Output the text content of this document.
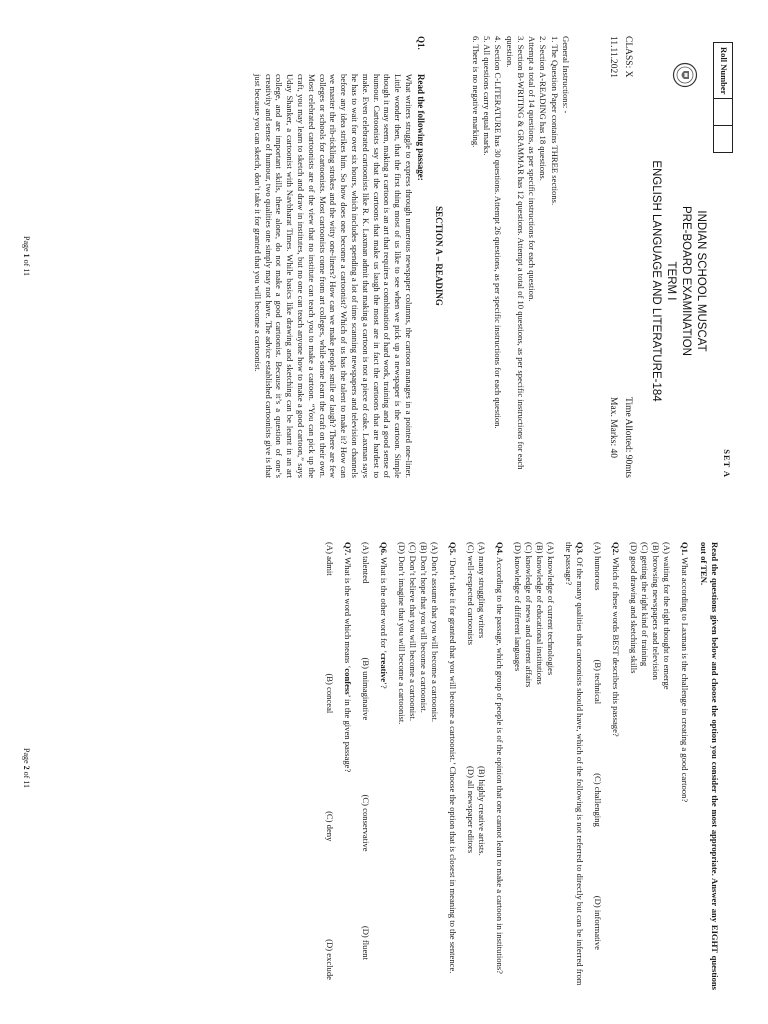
Roll Number
SET A
INDIAN SCHOOL MUSCAT
PRE-BOARD EXAMINATION
TERM I
ENGLISH LANGUAGE AND LITERATURE-184
CLASS: X
11.11.2021
Time Allotted: 90mts
Max. Marks: 40
General Instructions: -
1. The Question Paper contains THREE sections.
2. Section A-READING has 18 questions.
Attempt a total of 14 questions, as per specific instructions for each question.
3. Section B-WRITING & GRAMMAR has 12 questions. Attempt a total of 10 questions, as per specific instructions for each question.
4. Section C-LITERATURE has 30 questions. Attempt 26 questions, as per specific instructions for each question.
5. All questions carry equal marks.
6. There is no negative marking.
SECTION A – READING
Q1.
Read the following passage:
What writers struggle to express through numerous newspaper columns, the cartoon manages in a pointed one-liner. Little wonder then, that the first thing most of us like to see when we pick up a newspaper is the cartoon. Simple though it may seem, making a cartoon is an art that requires a combination of hard work, training and a good sense of humour. Cartoonists say that the cartoons that make us laugh the most are in fact the cartoons that are hardest to make. Even celebrated cartoonists like R. K. Laxman admit that making a cartoon is not a piece of cake. Laxman says he has to wait for over six hours, which includes spending a lot of time scanning newspapers and television channels before any idea strikes him. So how does one become a cartoonist? Which of us has the talent to make it? How can we master the rib-tickling strokes and the witty one-liners? How can we make people smile or laugh? There are few colleges or schools for cartoonists. Most cartoonists come from art colleges, while some learn the craft on their own. Most celebrated cartoonists are of the view that no institute can teach you to make a cartoon. “You can pick up the craft, you may learn to sketch and draw in institutes, but no one can teach anyone how to make a good cartoon,” says Uday Shanker, a cartoonist with Navbharat Times. While basics like drawing and sketching can be learnt in an art college, and are important skills, these alone, do not make a good cartoonist. Because it’s a question of one’s creativity and sense of humour, two qualities one simply may not have. The advice established cartoonists give is that just because you can sketch, don’t take it for granted that you will become a cartoonist.
Page 1 of 11
Read the questions given below and choose the option you consider the most appropriate. Answer any EIGHT questions out of TEN.
Q1. What according to Laxman is the challenge in creating a good cartoon?
(A) waiting for the right thought to emerge
(B) browsing newspapers and television
(C) getting the right kind of training
(D) good drawing and sketching skills
Q2. Which of these words BEST describes this passage?
(A) humorous
(B) technical
(C) challenging
(D) informative
Q3. Of the many qualities that cartoonists should have, which of the following is not referred to directly but can be inferred from the passage?
(A) knowledge of current technologies
(B) knowledge of educational institutions
(C) knowledge of news and current affairs
(D) knowledge of different languages
Q4. According to the passage, which group of people is of the opinion that one cannot learn to make a cartoon in institutions?
(A) many struggling writers
(C) well-respected cartoonists
(B) highly creative artists.
(D) all newspaper editors
Q5. ‘Don’t take it for granted that you will become a cartoonist.’ Choose the option that is closest in meaning to the sentence.
(A) Don’t assume that you will become a cartoonist.
(B) Don’t hope that you will become a cartoonist.
(C) Don’t believe that you will become a cartoonist.
(D) Don’t imagine that you will become a cartoonist.
Q6. What is the other word for ‘creative’?
(A) talented
(B) unimaginative
(C) conservative
(D) fluent
Q7. What is the word which means ‘confess’ in the given passage?
(A) admit
(B) conceal
(C) deny
(D) exclude
Page 2 of 11
